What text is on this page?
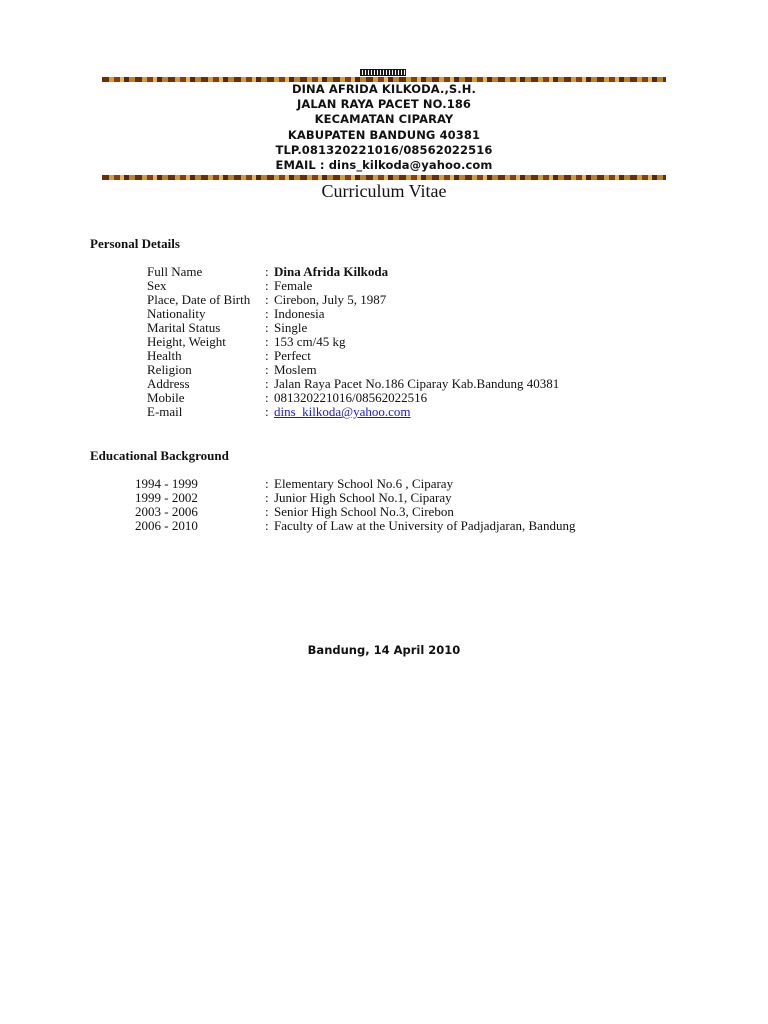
DINA AFRIDA KILKODA.,S.H.
JALAN RAYA PACET NO.186
KECAMATAN CIPARAY
KABUPATEN BANDUNG 40381
TLP.081320221016/08562022516
EMAIL : dins_kilkoda@yahoo.com
Curriculum Vitae
Personal Details
Full Name	: Dina Afrida Kilkoda
Sex	: Female
Place, Date of Birth	: Cirebon, July 5, 1987
Nationality	: Indonesia
Marital Status	: Single
Height, Weight	: 153 cm/45 kg
Health	: Perfect
Religion	: Moslem
Address	: Jalan Raya Pacet No.186 Ciparay Kab.Bandung 40381
Mobile	: 081320221016/08562022516
E-mail	: dins_kilkoda@yahoo.com
Educational Background
1994 - 1999	: Elementary School No.6 , Ciparay
1999 - 2002	: Junior High School No.1, Ciparay
2003 - 2006	: Senior High School No.3, Cirebon
2006 - 2010	: Faculty of Law at the University of Padjadjaran, Bandung
Bandung, 14 April 2010
